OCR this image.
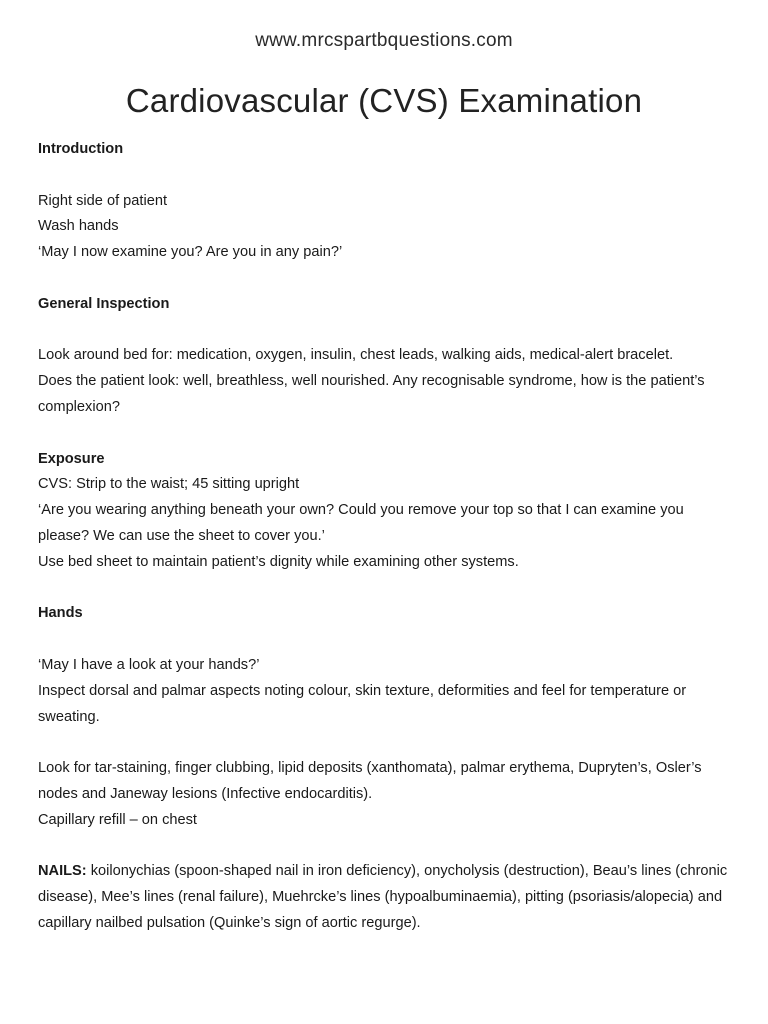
www.mrcspartbquestions.com
Cardiovascular (CVS) Examination

Introduction

Right side of patient

Wash hands

‘May I now examine you? Are you in any pain?’

General Inspection

Look around bed for: medication, oxygen, insulin, chest leads, walking aids, medical-alert bracelet.

Does the patient look: well, breathless, well nourished. Any recognisable syndrome, how is the patient’s complexion?

Exposure

CVS: Strip to the waist; 45 sitting upright

‘Are you wearing anything beneath your own? Could you remove your top so that I can examine you please? We can use the sheet to cover you.’

Use bed sheet to maintain patient’s dignity while examining other systems.

Hands

‘May I have a look at your hands?’

Inspect dorsal and palmar aspects noting colour, skin texture, deformities and feel for temperature or sweating.

Look for tar-staining, finger clubbing, lipid deposits (xanthomata), palmar erythema, Dupryten’s, Osler’s nodes and Janeway lesions (Infective endocarditis).

Capillary refill – on chest

NAILS: koilonychias (spoon-shaped nail in iron deficiency), onycholysis (destruction), Beau’s lines (chronic disease), Mee’s lines (renal failure), Muehrcke’s lines (hypoalbuminaemia), pitting (psoriasis/alopecia) and capillary nailbed pulsation (Quinke’s sign of aortic regurge).
